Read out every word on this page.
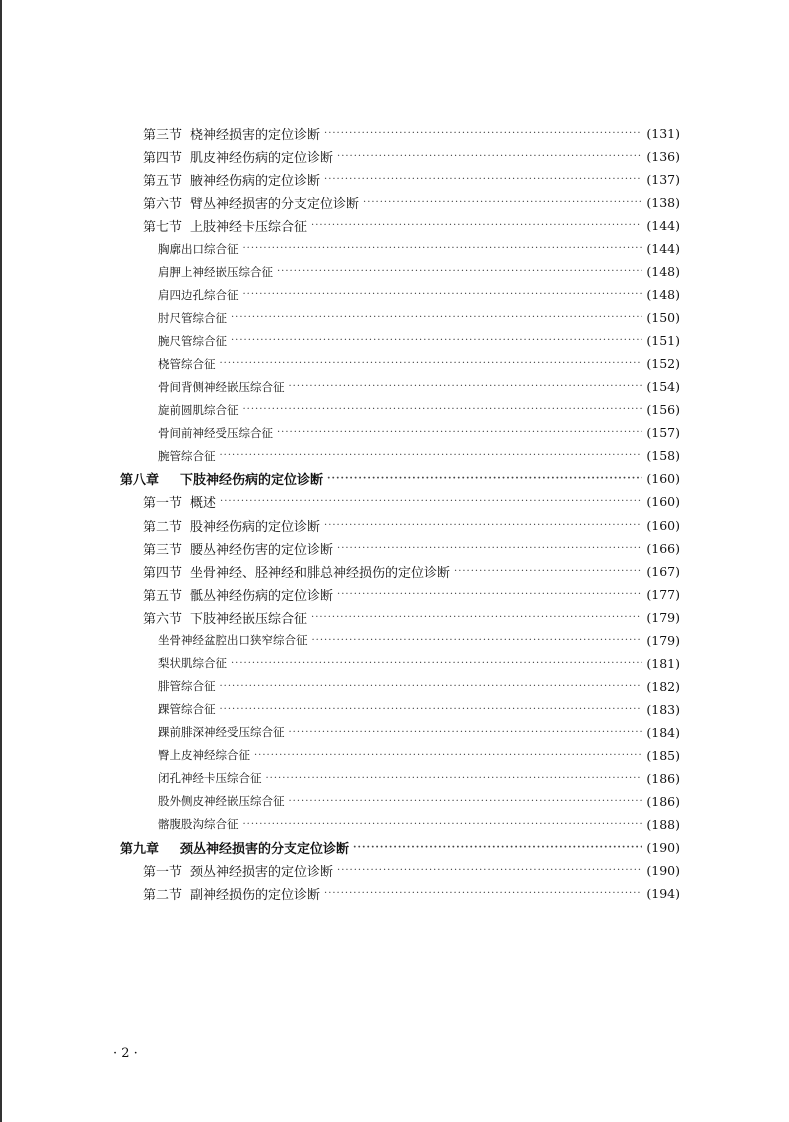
第三节 桡神经损害的定位诊断 ·····	(131)
第四节 肌皮神经伤病的定位诊断 ·····	(136)
第五节 腋神经伤病的定位诊断 ·····	(137)
第六节 臂丛神经损害的分支定位诊断 ·····	(138)
第七节 上肢神经卡压综合征 ·····	(144)
胸廓出口综合征 ·····	(144)
肩胛上神经嵌压综合征 ·····	(148)
肩四边孔综合征 ·····	(148)
肘尺管综合征 ·····	(150)
腕尺管综合征 ·····	(151)
桡管综合征 ·····	(152)
骨间背侧神经嵌压综合征 ·····	(154)
旋前圆肌综合征 ·····	(156)
骨间前神经受压综合征 ·····	(157)
腕管综合征 ·····	(158)
第八章	下肢神经伤病的定位诊断 ·····	(160)
第一节 概述 ·····	(160)
第二节 股神经伤病的定位诊断 ·····	(160)
第三节 腰丛神经伤害的定位诊断 ·····	(166)
第四节 坐骨神经、胫神经和腓总神经损伤的定位诊断 ·····	(167)
第五节 骶丛神经伤病的定位诊断 ·····	(177)
第六节 下肢神经嵌压综合征 ·····	(179)
坐骨神经盆腔出口狭窄综合征 ·····	(179)
梨状肌综合征 ·····	(181)
腓管综合征 ·····	(182)
踝管综合征 ·····	(183)
踝前腓深神经受压综合征 ·····	(184)
臀上皮神经综合征 ·····	(185)
闭孔神经卡压综合征 ·····	(186)
股外侧皮神经嵌压综合征 ·····	(186)
髂腹股沟综合征 ·····	(188)
第九章	颈丛神经损害的分支定位诊断 ·····	(190)
第一节 颈丛神经损害的定位诊断 ·····	(190)
第二节 副神经损伤的定位诊断 ·····	(194)
· 2 ·
